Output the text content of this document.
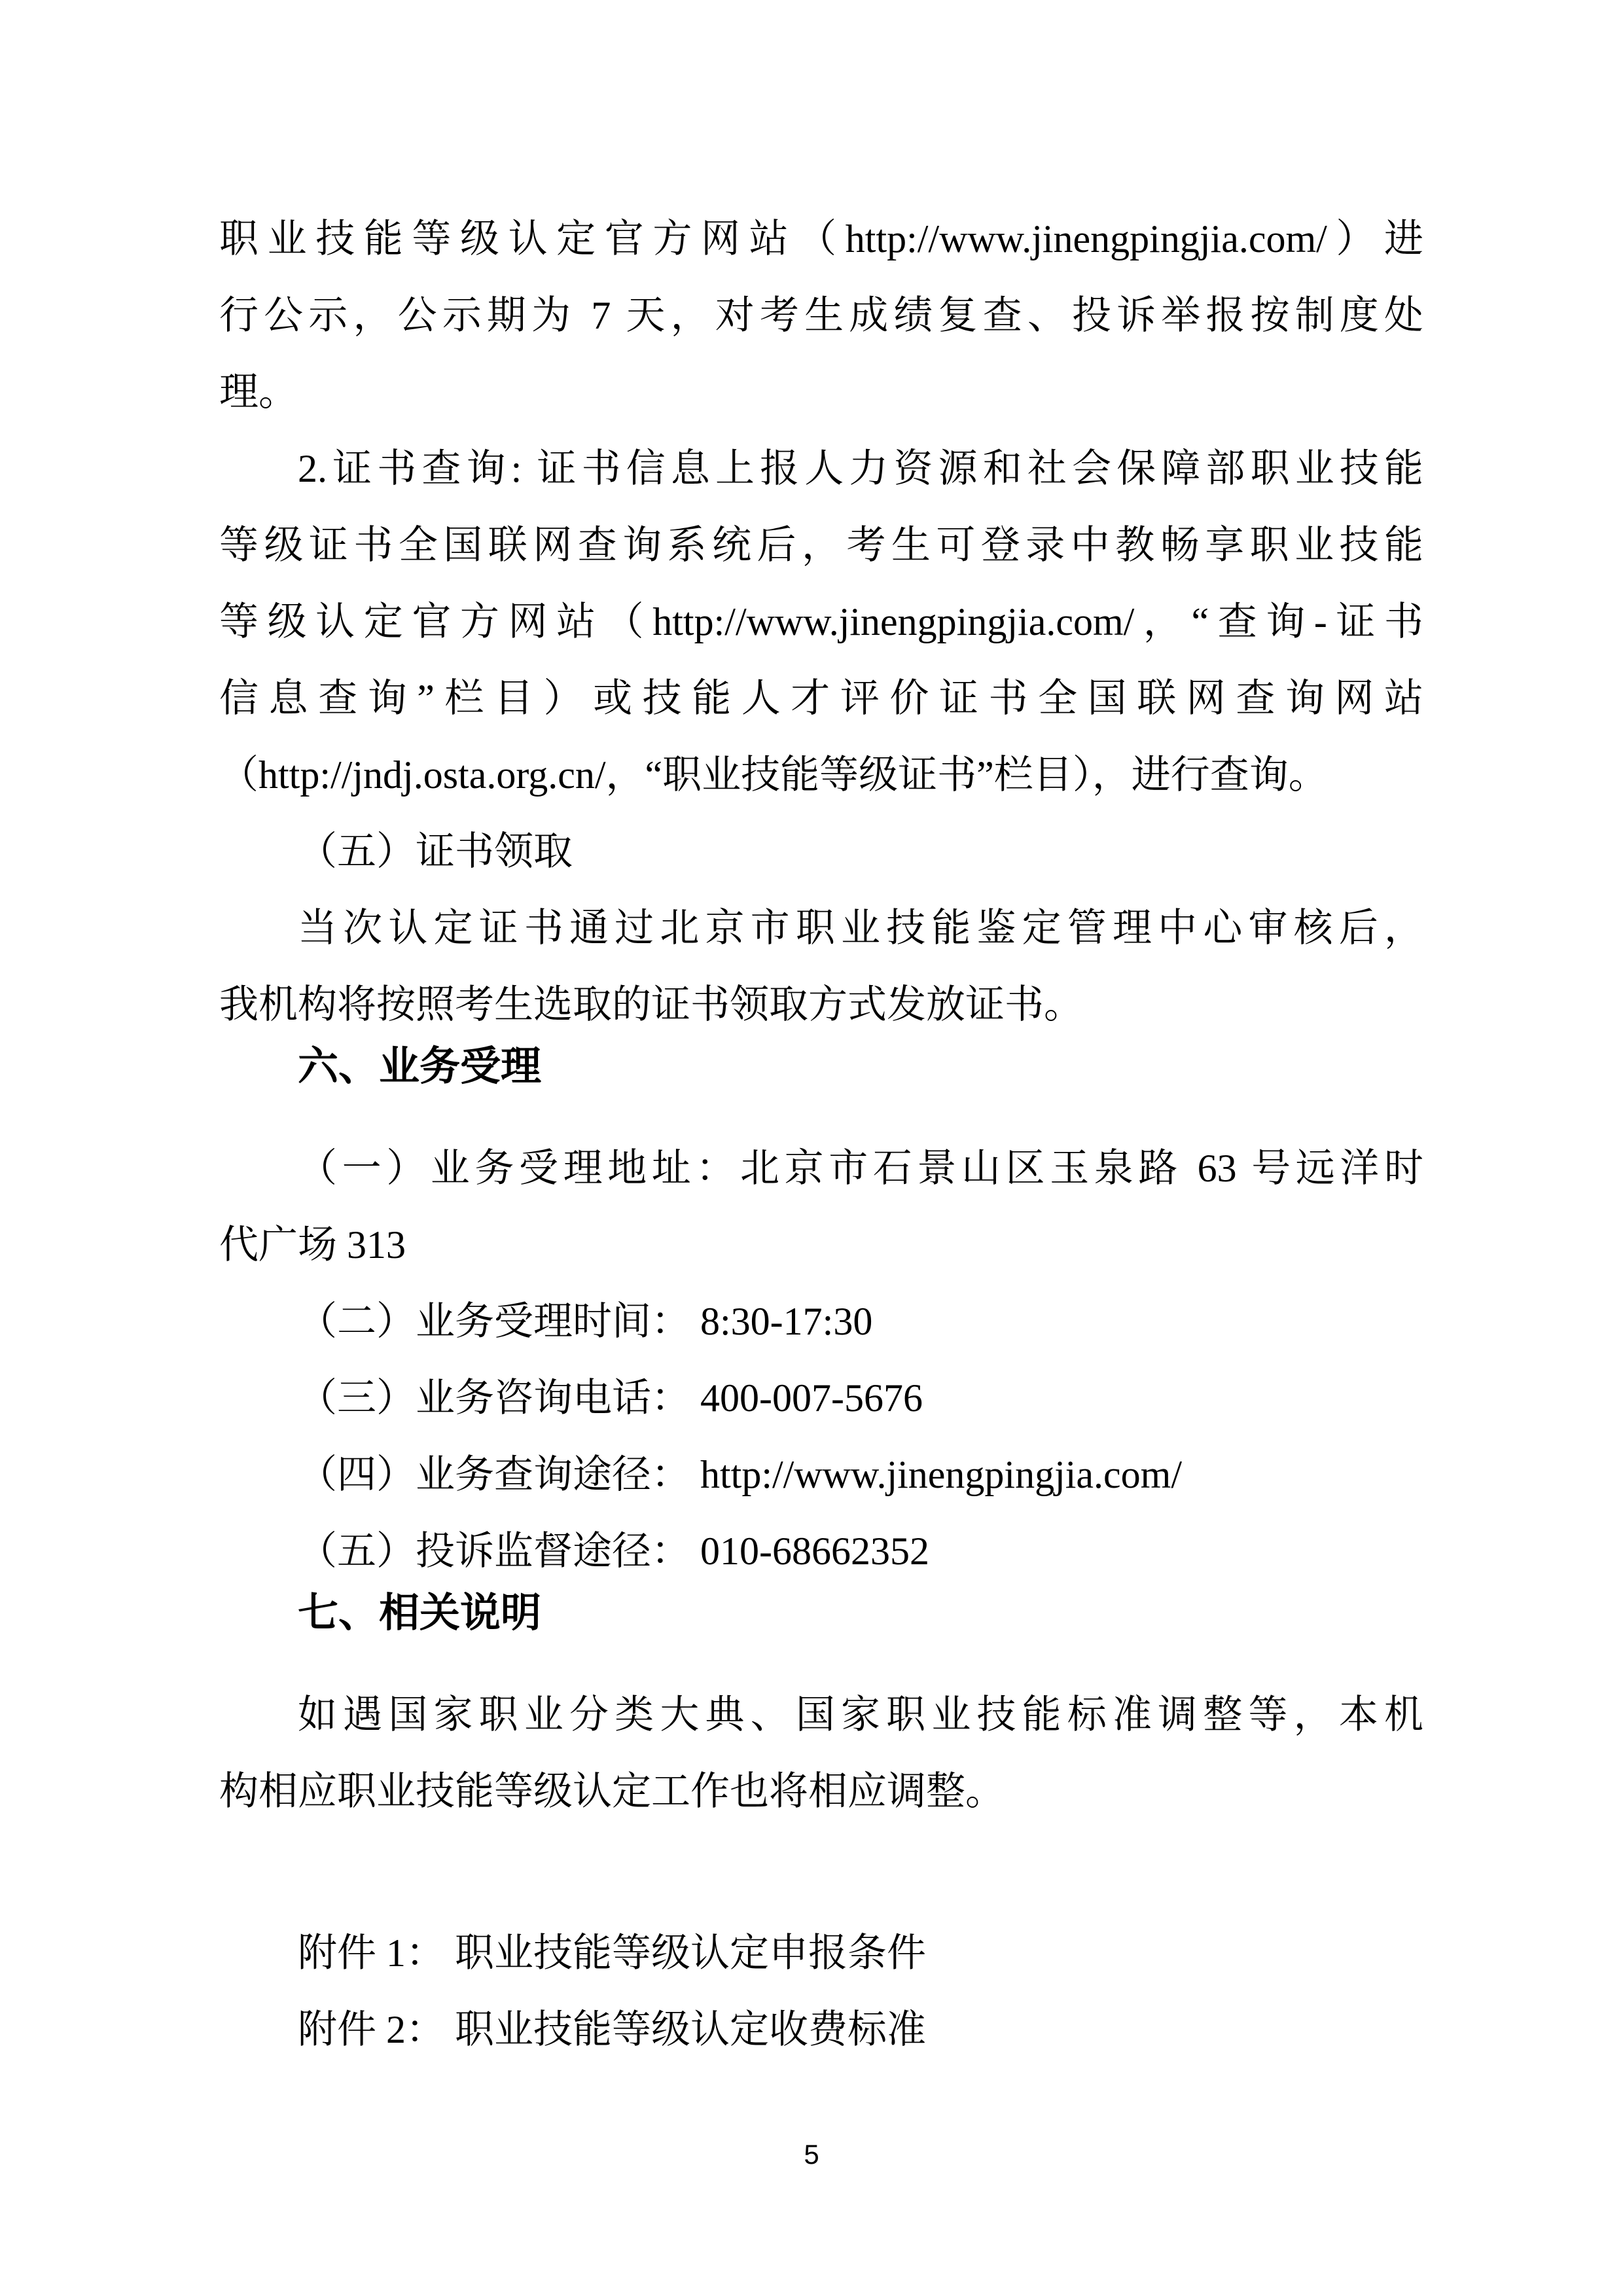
职业技能等级认定官方网站（http://www.jinengpingjia.com/）进
行公示，公示期为 7 天，对考生成绩复查、投诉举报按制度处
理。
2.证书查询: 证书信息上报人力资源和社会保障部职业技能
等级证书全国联网查询系统后，考生可登录中教畅享职业技能
等级认定官方网站（http://www.jinengpingjia.com/，“查询-证书
信息查询”栏目）或技能人才评价证书全国联网查询网站
（http://jndj.osta.org.cn/，“职业技能等级证书”栏目），进行查询。
（五）证书领取
当次认定证书通过北京市职业技能鉴定管理中心审核后，
我机构将按照考生选取的证书领取方式发放证书。
六、业务受理
（一）业务受理地址：北京市石景山区玉泉路 63 号远洋时
代广场 313
（二）业务受理时间： 8:30-17:30
（三）业务咨询电话： 400-007-5676
（四）业务查询途径： http://www.jinengpingjia.com/
（五）投诉监督途径： 010-68662352
七、相关说明
如遇国家职业分类大典、国家职业技能标准调整等，本机
构相应职业技能等级认定工作也将相应调整。
附件 1： 职业技能等级认定申报条件
附件 2： 职业技能等级认定收费标准
5
